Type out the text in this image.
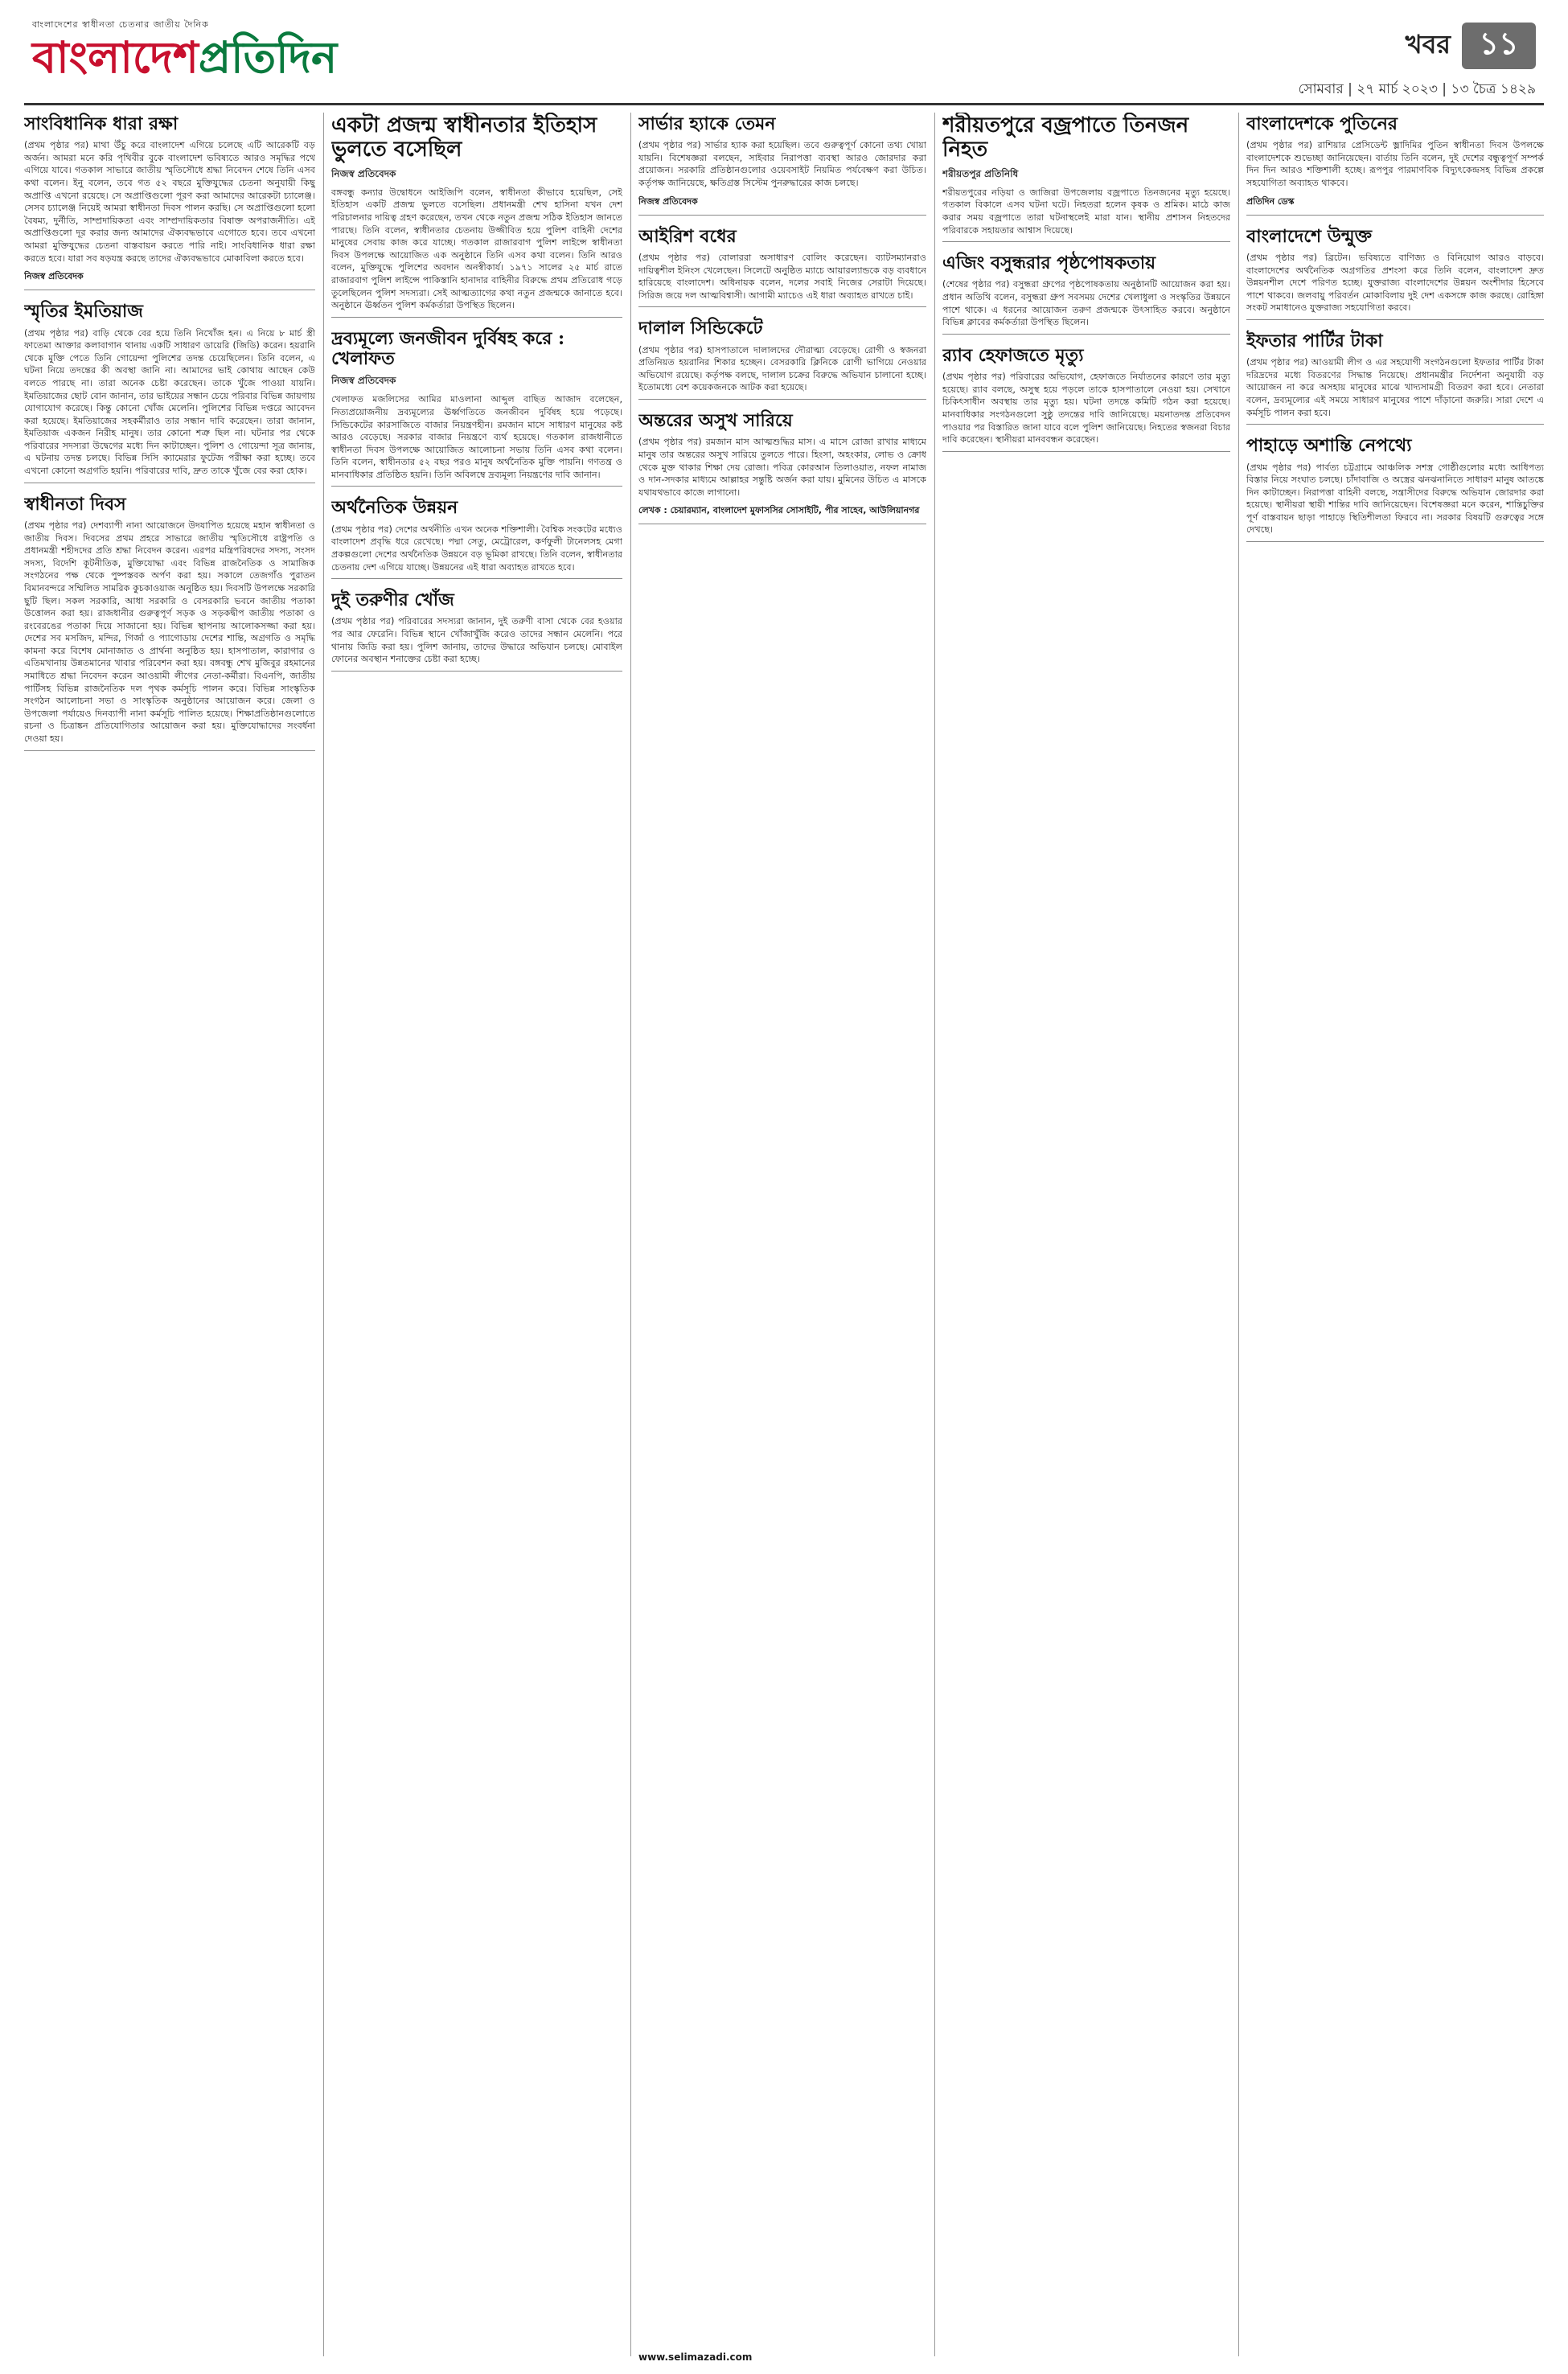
বাংলাদেশের স্বাধীনতা চেতনার জাতীয় দৈনিক
বাংলাদেশপ্রতিদিন	খবর ১১
সোমবার | ২৭ মার্চ ২০২৩ | ১৩ চৈত্র ১৪২৯
সাংবিধানিক ধারা রক্ষা

(প্রথম পৃষ্ঠার পর) মাথা উঁচু করে বাংলাদেশ এগিয়ে চলেছে এটি আরেকটি বড় অর্জন। আমরা মনে করি পৃথিবীর বুকে বাংলাদেশ ভবিষ্যতে আরও সমৃদ্ধির পথে এগিয়ে যাবে। গতকাল সাভারে জাতীয় স্মৃতিসৌধে শ্রদ্ধা নিবেদন শেষে তিনি এসব কথা বলেন। ইনু বলেন, তবে গত ৫২ বছরে মুক্তিযুদ্ধের চেতনা অনুযায়ী কিছু অপ্রাপ্তি এখনো রয়েছে। সে অপ্রাপ্তিগুলো পূরণ করা আমাদের আরেকটা চ্যালেঞ্জ। সেসব চ্যালেঞ্জ নিয়েই আমরা স্বাধীনতা দিবস পালন করছি। সে অপ্রাপ্তিগুলো হলো বৈষম্য, দুর্নীতি, সাম্প্রদায়িকতা এবং সাম্প্রদায়িকতার বিষাক্ত অপরাজনীতি। এই অপ্রাপ্তিগুলো দূর করার জন্য আমাদের ঐক্যবদ্ধভাবে এগোতে হবে। তবে এখনো আমরা মুক্তিযুদ্ধের চেতনা বাস্তবায়ন করতে পারি নাই। সাংবিধানিক ধারা রক্ষা করতে হবে। যারা সব ষড়যন্ত্র করছে তাদের ঐক্যবদ্ধভাবে মোকাবিলা করতে হবে।

নিজস্ব প্রতিবেদক
স্মৃতির ইমতিয়াজ

(প্রথম পৃষ্ঠার পর) বাড়ি থেকে বের হয়ে তিনি নিখোঁজ হন। এ নিয়ে ৮ মার্চ স্ত্রী ফাতেমা আক্তার কলাবাগান থানায় একটি সাধারণ ডায়েরি (জিডি) করেন। হয়রানি থেকে মুক্তি পেতে তিনি গোয়েন্দা পুলিশের তদন্ত চেয়েছিলেন। তিনি বলেন, এ ঘটনা নিয়ে তদন্তের কী অবস্থা জানি না। আমাদের ভাই কোথায় আছেন কেউ বলতে পারছে না। তারা অনেক চেষ্টা করেছেন। তাকে খুঁজে পাওয়া যায়নি। ইমতিয়াজের ছোট বোন জানান, তার ভাইয়ের সন্ধান চেয়ে পরিবার বিভিন্ন জায়গায় যোগাযোগ করেছে। কিন্তু কোনো খোঁজ মেলেনি। পুলিশের বিভিন্ন দপ্তরে আবেদন করা হয়েছে। ইমতিয়াজের সহকর্মীরাও তার সন্ধান দাবি করেছেন। তারা জানান, ইমতিয়াজ একজন নিরীহ মানুষ। তার কোনো শত্রু ছিল না। ঘটনার পর থেকে পরিবারের সদস্যরা উদ্বেগের মধ্যে দিন কাটাচ্ছেন। পুলিশ ও গোয়েন্দা সূত্র জানায়, এ ঘটনায় তদন্ত চলছে। বিভিন্ন সিসি ক্যামেরার ফুটেজ পরীক্ষা করা হচ্ছে। তবে এখনো কোনো অগ্রগতি হয়নি। পরিবারের দাবি, দ্রুত তাকে খুঁজে বের করা হোক।

স্বাধীনতা দিবস

(প্রথম পৃষ্ঠার পর) দেশব্যাপী নানা আয়োজনে উদযাপিত হয়েছে মহান স্বাধীনতা ও জাতীয় দিবস। দিবসের প্রথম প্রহরে সাভারে জাতীয় স্মৃতিসৌধে রাষ্ট্রপতি ও প্রধানমন্ত্রী শহীদদের প্রতি শ্রদ্ধা নিবেদন করেন। এরপর মন্ত্রিপরিষদের সদস্য, সংসদ সদস্য, বিদেশি কূটনীতিক, মুক্তিযোদ্ধা এবং বিভিন্ন রাজনৈতিক ও সামাজিক সংগঠনের পক্ষ থেকে পুষ্পস্তবক অর্পণ করা হয়। সকালে তেজগাঁও পুরাতন বিমানবন্দরে সম্মিলিত সামরিক কুচকাওয়াজ অনুষ্ঠিত হয়। দিবসটি উপলক্ষে সরকারি ছুটি ছিল। সকল সরকারি, আধা সরকারি ও বেসরকারি ভবনে জাতীয় পতাকা উত্তোলন করা হয়। রাজধানীর গুরুত্বপূর্ণ সড়ক ও সড়কদ্বীপ জাতীয় পতাকা ও রংবেরঙের পতাকা দিয়ে সাজানো হয়। বিভিন্ন স্থাপনায় আলোকসজ্জা করা হয়। দেশের সব মসজিদ, মন্দির, গির্জা ও প্যাগোডায় দেশের শান্তি, অগ্রগতি ও সমৃদ্ধি কামনা করে বিশেষ মোনাজাত ও প্রার্থনা অনুষ্ঠিত হয়। হাসপাতাল, কারাগার ও এতিমখানায় উন্নতমানের খাবার পরিবেশন করা হয়। বঙ্গবন্ধু শেখ মুজিবুর রহমানের সমাধিতে শ্রদ্ধা নিবেদন করেন আওয়ামী লীগের নেতা-কর্মীরা। বিএনপি, জাতীয় পার্টিসহ বিভিন্ন রাজনৈতিক দল পৃথক কর্মসূচি পালন করে। বিভিন্ন সাংস্কৃতিক সংগঠন আলোচনা সভা ও সাংস্কৃতিক অনুষ্ঠানের আয়োজন করে। জেলা ও উপজেলা পর্যায়েও দিনব্যাপী নানা কর্মসূচি পালিত হয়েছে। শিক্ষাপ্রতিষ্ঠানগুলোতে রচনা ও চিত্রাঙ্কন প্রতিযোগিতার আয়োজন করা হয়। মুক্তিযোদ্ধাদের সংবর্ধনা দেওয়া হয়।

একটা প্রজন্ম স্বাধীনতার ইতিহাস ভুলতে বসেছিল
নিজস্ব প্রতিবেদক

বঙ্গবন্ধু কন্যার উদ্বোধনে আইজিপি বলেন, স্বাধীনতা কীভাবে হয়েছিল, সেই ইতিহাস একটি প্রজন্ম ভুলতে বসেছিল। প্রধানমন্ত্রী শেখ হাসিনা যখন দেশ পরিচালনার দায়িত্ব গ্রহণ করেছেন, তখন থেকে নতুন প্রজন্ম সঠিক ইতিহাস জানতে পারছে। তিনি বলেন, স্বাধীনতার চেতনায় উজ্জীবিত হয়ে পুলিশ বাহিনী দেশের মানুষের সেবায় কাজ করে যাচ্ছে। গতকাল রাজারবাগ পুলিশ লাইন্সে স্বাধীনতা দিবস উপলক্ষে আয়োজিত এক অনুষ্ঠানে তিনি এসব কথা বলেন। তিনি আরও বলেন, মুক্তিযুদ্ধে পুলিশের অবদান অনস্বীকার্য। ১৯৭১ সালের ২৫ মার্চ রাতে রাজারবাগ পুলিশ লাইন্সে পাকিস্তানি হানাদার বাহিনীর বিরুদ্ধে প্রথম প্রতিরোধ গড়ে তুলেছিলেন পুলিশ সদস্যরা। সেই আত্মত্যাগের কথা নতুন প্রজন্মকে জানাতে হবে। অনুষ্ঠানে ঊর্ধ্বতন পুলিশ কর্মকর্তারা উপস্থিত ছিলেন।

দ্রব্যমূল্যে জনজীবন দুর্বিষহ করে : খেলাফত
নিজস্ব প্রতিবেদক

খেলাফত মজলিসের আমির মাওলানা আব্দুল বাছিত আজাদ বলেছেন, নিত্যপ্রয়োজনীয় দ্রব্যমূল্যের ঊর্ধ্বগতিতে জনজীবন দুর্বিষহ হয়ে পড়েছে। সিন্ডিকেটের কারসাজিতে বাজার নিয়ন্ত্রণহীন। রমজান মাসে সাধারণ মানুষের কষ্ট আরও বেড়েছে। সরকার বাজার নিয়ন্ত্রণে ব্যর্থ হয়েছে। গতকাল রাজধানীতে স্বাধীনতা দিবস উপলক্ষে আয়োজিত আলোচনা সভায় তিনি এসব কথা বলেন। তিনি বলেন, স্বাধীনতার ৫২ বছর পরও মানুষ অর্থনৈতিক মুক্তি পায়নি। গণতন্ত্র ও মানবাধিকার প্রতিষ্ঠিত হয়নি। তিনি অবিলম্বে দ্রব্যমূল্য নিয়ন্ত্রণের দাবি জানান।

অর্থনৈতিক উন্নয়ন

(প্রথম পৃষ্ঠার পর) দেশের অর্থনীতি এখন অনেক শক্তিশালী। বৈশ্বিক সংকটের মধ্যেও বাংলাদেশ প্রবৃদ্ধি ধরে রেখেছে। পদ্মা সেতু, মেট্রোরেল, কর্ণফুলী টানেলসহ মেগা প্রকল্পগুলো দেশের অর্থনৈতিক উন্নয়নে বড় ভূমিকা রাখছে। তিনি বলেন, স্বাধীনতার চেতনায় দেশ এগিয়ে যাচ্ছে। উন্নয়নের এই ধারা অব্যাহত রাখতে হবে।

দুই তরুণীর খোঁজ

(প্রথম পৃষ্ঠার পর) পরিবারের সদস্যরা জানান, দুই তরুণী বাসা থেকে বের হওয়ার পর আর ফেরেনি। বিভিন্ন স্থানে খোঁজাখুঁজি করেও তাদের সন্ধান মেলেনি। পরে থানায় জিডি করা হয়। পুলিশ জানায়, তাদের উদ্ধারে অভিযান চলছে। মোবাইল ফোনের অবস্থান শনাক্তের চেষ্টা করা হচ্ছে।

সার্ভার হ্যাকে তেমন

(প্রথম পৃষ্ঠার পর) সার্ভার হ্যাক করা হয়েছিল। তবে গুরুত্বপূর্ণ কোনো তথ্য খোয়া যায়নি। বিশেষজ্ঞরা বলছেন, সাইবার নিরাপত্তা ব্যবস্থা আরও জোরদার করা প্রয়োজন। সরকারি প্রতিষ্ঠানগুলোর ওয়েবসাইট নিয়মিত পর্যবেক্ষণ করা উচিত। কর্তৃপক্ষ জানিয়েছে, ক্ষতিগ্রস্ত সিস্টেম পুনরুদ্ধারের কাজ চলছে।

নিজস্ব প্রতিবেদক
আইরিশ বধের

(প্রথম পৃষ্ঠার পর) বোলাররা অসাধারণ বোলিং করেছেন। ব্যাটসম্যানরাও দায়িত্বশীল ইনিংস খেলেছেন। সিলেটে অনুষ্ঠিত ম্যাচে আয়ারল্যান্ডকে বড় ব্যবধানে হারিয়েছে বাংলাদেশ। অধিনায়ক বলেন, দলের সবাই নিজের সেরাটা দিয়েছে। সিরিজ জয়ে দল আত্মবিশ্বাসী। আগামী ম্যাচেও এই ধারা অব্যাহত রাখতে চাই।

দালাল সিন্ডিকেটে

(প্রথম পৃষ্ঠার পর) হাসপাতালে দালালদের দৌরাত্ম্য বেড়েছে। রোগী ও স্বজনরা প্রতিনিয়ত হয়রানির শিকার হচ্ছেন। বেসরকারি ক্লিনিকে রোগী ভাগিয়ে নেওয়ার অভিযোগ রয়েছে। কর্তৃপক্ষ বলছে, দালাল চক্রের বিরুদ্ধে অভিযান চালানো হচ্ছে। ইতোমধ্যে বেশ কয়েকজনকে আটক করা হয়েছে।

অন্তরের অসুখ সারিয়ে

(প্রথম পৃষ্ঠার পর) রমজান মাস আত্মশুদ্ধির মাস। এ মাসে রোজা রাখার মাধ্যমে মানুষ তার অন্তরের অসুখ সারিয়ে তুলতে পারে। হিংসা, অহংকার, লোভ ও ক্রোধ থেকে মুক্ত থাকার শিক্ষা দেয় রোজা। পবিত্র কোরআন তিলাওয়াত, নফল নামাজ ও দান-সদকার মাধ্যমে আল্লাহর সন্তুষ্টি অর্জন করা যায়। মুমিনের উচিত এ মাসকে যথাযথভাবে কাজে লাগানো।

লেখক : চেয়ারম্যান, বাংলাদেশ মুফাসসির সোসাইটি, পীর সাহেব, আউলিয়ানগর
শরীয়তপুরে বজ্রপাতে তিনজন নিহত
শরীয়তপুর প্রতিনিধি

শরীয়তপুরের নড়িয়া ও জাজিরা উপজেলায় বজ্রপাতে তিনজনের মৃত্যু হয়েছে। গতকাল বিকালে এসব ঘটনা ঘটে। নিহতরা হলেন কৃষক ও শ্রমিক। মাঠে কাজ করার সময় বজ্রপাতে তারা ঘটনাস্থলেই মারা যান। স্থানীয় প্রশাসন নিহতদের পরিবারকে সহায়তার আশ্বাস দিয়েছে।

এজিং বসুন্ধরার পৃষ্ঠপোষকতায়

(শেষের পৃষ্ঠার পর) বসুন্ধরা গ্রুপের পৃষ্ঠপোষকতায় অনুষ্ঠানটি আয়োজন করা হয়। প্রধান অতিথি বলেন, বসুন্ধরা গ্রুপ সবসময় দেশের খেলাধুলা ও সংস্কৃতির উন্নয়নে পাশে থাকে। এ ধরনের আয়োজন তরুণ প্রজন্মকে উৎসাহিত করবে। অনুষ্ঠানে বিভিন্ন ক্লাবের কর্মকর্তারা উপস্থিত ছিলেন।

র‍্যাব হেফাজতে মৃত্যু

(প্রথম পৃষ্ঠার পর) পরিবারের অভিযোগ, হেফাজতে নির্যাতনের কারণে তার মৃত্যু হয়েছে। র‍্যাব বলছে, অসুস্থ হয়ে পড়লে তাকে হাসপাতালে নেওয়া হয়। সেখানে চিকিৎসাধীন অবস্থায় তার মৃত্যু হয়। ঘটনা তদন্তে কমিটি গঠন করা হয়েছে। মানবাধিকার সংগঠনগুলো সুষ্ঠু তদন্তের দাবি জানিয়েছে। ময়নাতদন্ত প্রতিবেদন পাওয়ার পর বিস্তারিত জানা যাবে বলে পুলিশ জানিয়েছে। নিহতের স্বজনরা বিচার দাবি করেছেন। স্থানীয়রা মানববন্ধন করেছেন।

বাংলাদেশকে পুতিনের

(প্রথম পৃষ্ঠার পর) রাশিয়ার প্রেসিডেন্ট ভ্লাদিমির পুতিন স্বাধীনতা দিবস উপলক্ষে বাংলাদেশকে শুভেচ্ছা জানিয়েছেন। বার্তায় তিনি বলেন, দুই দেশের বন্ধুত্বপূর্ণ সম্পর্ক দিন দিন আরও শক্তিশালী হচ্ছে। রূপপুর পারমাণবিক বিদ্যুৎকেন্দ্রসহ বিভিন্ন প্রকল্পে সহযোগিতা অব্যাহত থাকবে।

প্রতিদিন ডেস্ক
বাংলাদেশে উন্মুক্ত

(প্রথম পৃষ্ঠার পর) ব্রিটেন। ভবিষ্যতে বাণিজ্য ও বিনিয়োগ আরও বাড়বে। বাংলাদেশের অর্থনৈতিক অগ্রগতির প্রশংসা করে তিনি বলেন, বাংলাদেশ দ্রুত উন্নয়নশীল দেশে পরিণত হচ্ছে। যুক্তরাজ্য বাংলাদেশের উন্নয়ন অংশীদার হিসেবে পাশে থাকবে। জলবায়ু পরিবর্তন মোকাবিলায় দুই দেশ একসঙ্গে কাজ করছে। রোহিঙ্গা সংকট সমাধানেও যুক্তরাজ্য সহযোগিতা করবে।

ইফতার পার্টির টাকা

(প্রথম পৃষ্ঠার পর) আওয়ামী লীগ ও এর সহযোগী সংগঠনগুলো ইফতার পার্টির টাকা দরিদ্রদের মধ্যে বিতরণের সিদ্ধান্ত নিয়েছে। প্রধানমন্ত্রীর নির্দেশনা অনুযায়ী বড় আয়োজন না করে অসহায় মানুষের মাঝে খাদ্যসামগ্রী বিতরণ করা হবে। নেতারা বলেন, দ্রব্যমূল্যের এই সময়ে সাধারণ মানুষের পাশে দাঁড়ানো জরুরি। সারা দেশে এ কর্মসূচি পালন করা হবে।

পাহাড়ে অশান্তি নেপথ্যে

(প্রথম পৃষ্ঠার পর) পার্বত্য চট্টগ্রামে আঞ্চলিক সশস্ত্র গোষ্ঠীগুলোর মধ্যে আধিপত্য বিস্তার নিয়ে সংঘাত চলছে। চাঁদাবাজি ও অস্ত্রের ঝনঝনানিতে সাধারণ মানুষ আতঙ্কে দিন কাটাচ্ছেন। নিরাপত্তা বাহিনী বলছে, সন্ত্রাসীদের বিরুদ্ধে অভিযান জোরদার করা হয়েছে। স্থানীয়রা স্থায়ী শান্তির দাবি জানিয়েছেন। বিশেষজ্ঞরা মনে করেন, শান্তিচুক্তির পূর্ণ বাস্তবায়ন ছাড়া পাহাড়ে স্থিতিশীলতা ফিরবে না। সরকার বিষয়টি গুরুত্বের সঙ্গে দেখছে।

www.selimazadi.com
